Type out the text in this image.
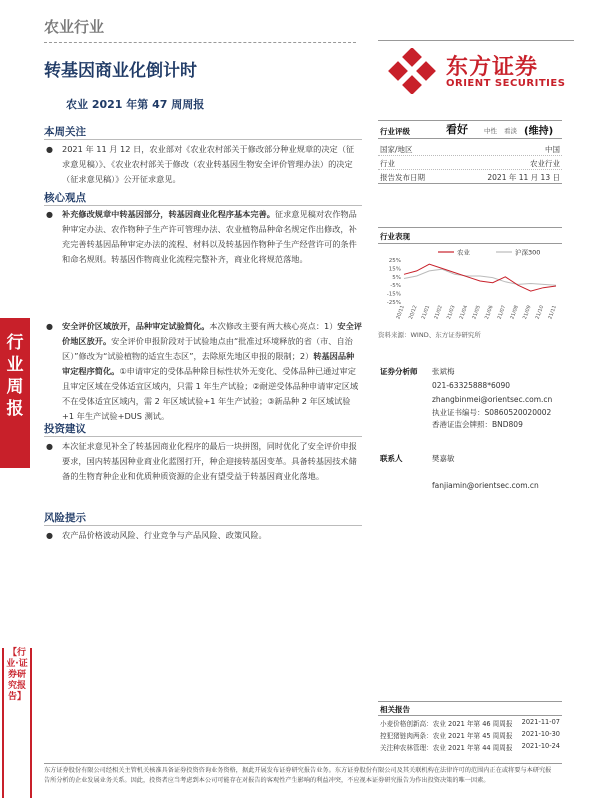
农业行业
转基因商业化倒计时
农业 2021 年第 47 周周报
东方证券
ORIENT SECURITIES
行业周报
【行业·证券研究报告】
本周关注
● 2021 年 11 月 12 日，农业部对《农业农村部关于修改部分种业规章的决定（征求意见稿）》、《农业农村部关于修改（农业转基因生物安全评价管理办法）的决定（征求意见稿）》公开征求意见。
核心观点
● 补充修改规章中转基因部分，转基因商业化程序基本完善。征求意见稿对农作物品种审定办法、农作物种子生产许可管理办法、农业植物品种命名规定作出修改，补充完善转基因品种审定办法的流程、材料以及转基因作物种子生产经营许可的条件和命名规则。转基因作物商业化流程完整补齐，商业化将规范落地。
● 安全评价区域放开，品种审定试验简化。本次修改主要有两大核心亮点：1）安全评价地区放开。安全评价申报阶段对于试验地点由“批准过环境释放的省（市、自治区）”修改为“试验植物的适宜生态区”，去除原先地区申报的限制；2）转基因品种审定程序简化。①申请审定的受体品种除目标性状外无变化、受体品种已通过审定且审定区域在受体适宜区域内，只需 1 年生产试验；②耐逆受体品种申请审定区域不在受体适宜区域内，需 2 年区域试验+1 年生产试验；③新品种 2 年区域试验+1 年生产试验+DUS 测试。
投资建议
● 本次征求意见补全了转基因商业化程序的最后一块拼图，同时优化了安全评价申报要求，国内转基因种业商业化蓝图打开，种企迎接转基因变革。具备转基因技术储备的生物育种企业和优质种质资源的企业有望受益于转基因商业化落地。
风险提示
● 农产品价格波动风险、行业竞争与产品风险、政策风险。
行业评级	看好 中性 看淡 (维持)
国家/地区	中国
行业	农业行业
报告发布日期	2021 年 11 月 13 日
行业表现
农业	沪深300
25%
15%
5%
-5%
-15%
-25%
20/11 20/12 21/01 21/02 21/03 21/04 21/05 21/06 21/07 21/08 21/09 21/10 21/11
资料来源：WIND、东方证券研究所
证券分析师 张斌梅
021-63325888*6090
zhangbinmei@orientsec.com.cn
执业证书编号：S0860520020002
香港证监会牌照：BND809
联系人	樊嘉敏
fanjiamin@orientsec.com.cn
相关报告
小麦价格创新高：农业 2021 年第 46 周周报	2021-11-07
控犯猪链肉两条：农业 2021 年第 45 周周报	2021-10-30
关注种农林管理：农业 2021 年第 44 周周报	2021-10-24
东方证券股份有限公司经相关主管机关核准具备证券投资咨询业务资格，据此开展发布证券研究报告业务。东方证券股份有限公司及其关联机构在法律许可的范围内正在或将要与本研究报告所分析的企业发展业务关系。因此，投资者应当考虑到本公司可能存在对报告的客观性产生影响的利益冲突，不应视本证券研究报告为作出投资决策的唯一因素。
